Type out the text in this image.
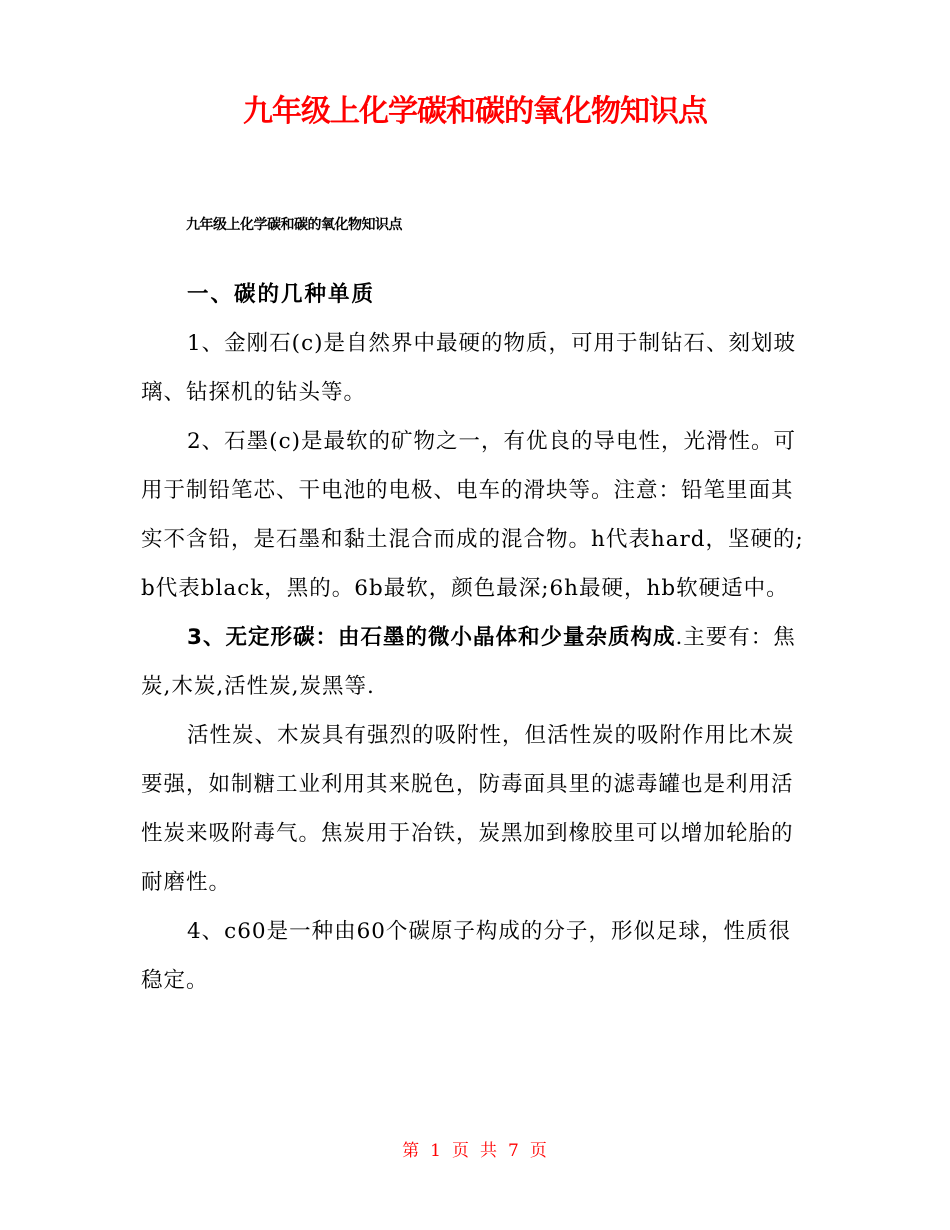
九年级上化学碳和碳的氧化物知识点
九年级上化学碳和碳的氧化物知识点

一、碳的几种单质

1、金刚石(c)是自然界中最硬的物质，可用于制钻石、刻划玻璃、钻探机的钻头等。

2、石墨(c)是最软的矿物之一，有优良的导电性，光滑性。可用于制铅笔芯、干电池的电极、电车的滑块等。注意：铅笔里面其实不含铅，是石墨和黏土混合而成的混合物。h代表hard，坚硬的;b代表black，黑的。6b最软，颜色最深;6h最硬，hb软硬适中。

3、无定形碳：由石墨的微小晶体和少量杂质构成.主要有：焦炭,木炭,活性炭,炭黑等.

活性炭、木炭具有强烈的吸附性，但活性炭的吸附作用比木炭要强，如制糖工业利用其来脱色，防毒面具里的滤毒罐也是利用活性炭来吸附毒气。焦炭用于冶铁，炭黑加到橡胶里可以增加轮胎的耐磨性。

4、c60是一种由60个碳原子构成的分子，形似足球，性质很稳定。

第 1 页 共 7 页
